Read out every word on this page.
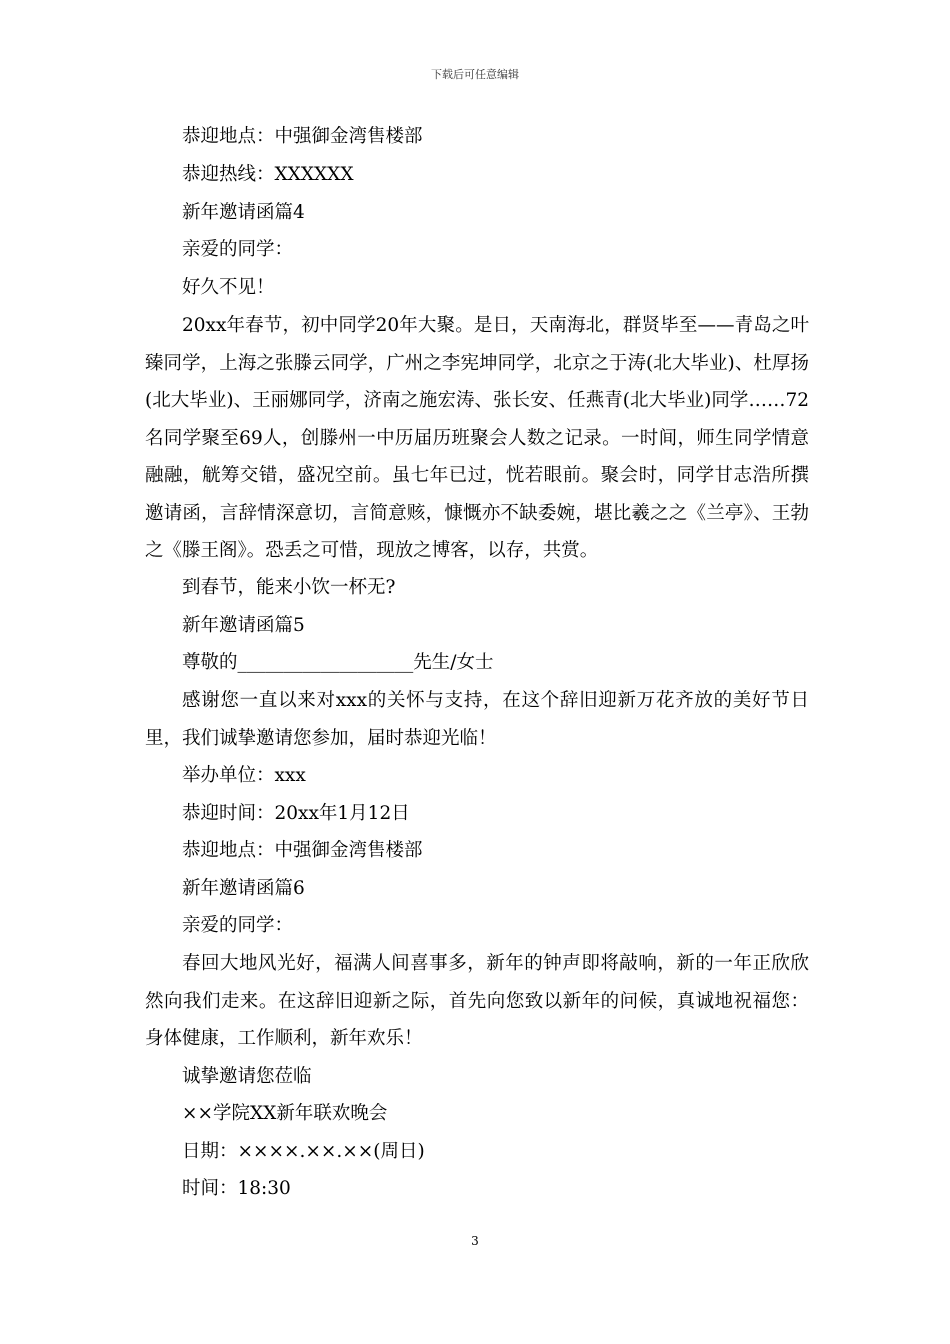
下载后可任意编辑
恭迎地点：中强御金湾售楼部
恭迎热线：XXXXXX
新年邀请函篇4
亲爱的同学：
好久不见！
20xx年春节，初中同学20年大聚。是日，天南海北，群贤毕至——青岛之叶臻同学，上海之张滕云同学，广州之李宪坤同学，北京之于涛(北大毕业)、杜厚扬(北大毕业)、王丽娜同学，济南之施宏涛、张长安、任燕青(北大毕业)同学……72名同学聚至69人，创滕州一中历届历班聚会人数之记录。一时间，师生同学情意融融，觥筹交错，盛况空前。虽七年已过，恍若眼前。聚会时，同学甘志浩所撰邀请函，言辞情深意切，言简意赅，慷慨亦不缺委婉，堪比羲之之《兰亭》、王勃之《滕王阁》。恐丢之可惜，现放之博客，以存，共赏。
到春节，能来小饮一杯无?
新年邀请函篇5
尊敬的___________________先生/女士
感谢您一直以来对xxx的关怀与支持，在这个辞旧迎新万花齐放的美好节日里，我们诚挚邀请您参加，届时恭迎光临！
举办单位：xxx
恭迎时间：20xx年1月12日
恭迎地点：中强御金湾售楼部
新年邀请函篇6
亲爱的同学：
春回大地风光好，福满人间喜事多，新年的钟声即将敲响，新的一年正欣欣然向我们走来。在这辞旧迎新之际，首先向您致以新年的问候，真诚地祝福您：身体健康，工作顺利，新年欢乐！
诚挚邀请您莅临
××学院XX新年联欢晚会
日期：××××.××.××(周日)
时间：18:30
3
